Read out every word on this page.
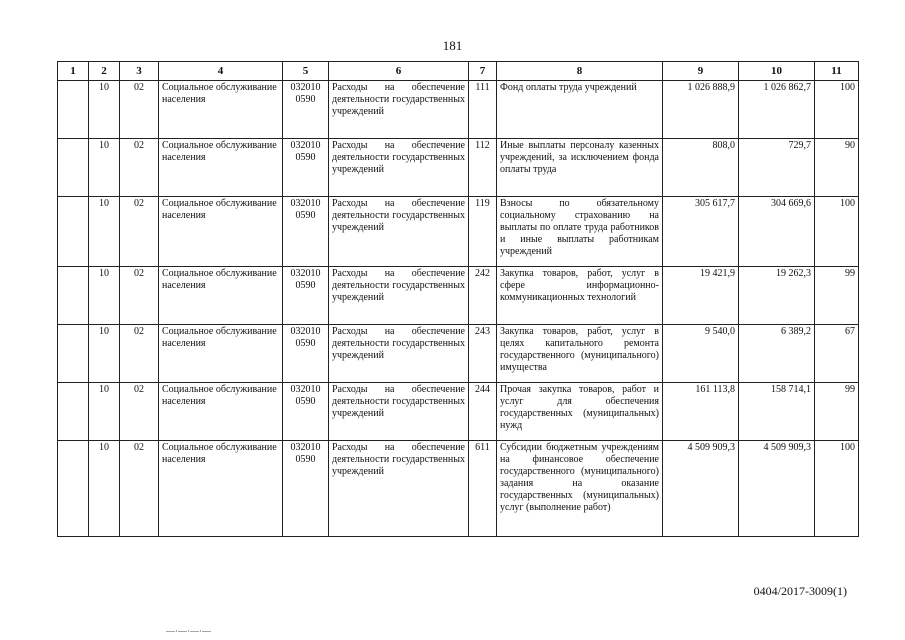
181
1	2	3	4	5	6	7	8	9	10	11
	10	02	Социальное обслуживание населения	032010 0590	Расходы на обеспечение деятельности государственных учреждений	111	Фонд оплаты труда учреждений	1 026 888,9	1 026 862,7	100
	10	02	Социальное обслуживание населения	032010 0590	Расходы на обеспечение деятельности государственных учреждений	112	Иные выплаты персоналу казенных учреждений, за исключением фонда оплаты труда	808,0	729,7	90
	10	02	Социальное обслуживание населения	032010 0590	Расходы на обеспечение деятельности государственных учреждений	119	Взносы по обязательному социальному страхованию на выплаты по оплате труда работников и иные выплаты работникам учреждений	305 617,7	304 669,6	100
	10	02	Социальное обслуживание населения	032010 0590	Расходы на обеспечение деятельности государственных учреждений	242	Закупка товаров, работ, услуг в сфере информационно-коммуникационных технологий	19 421,9	19 262,3	99
	10	02	Социальное обслуживание населения	032010 0590	Расходы на обеспечение деятельности государственных учреждений	243	Закупка товаров, работ, услуг в целях капитального ремонта государственного (муниципального) имущества	9 540,0	6 389,2	67
	10	02	Социальное обслуживание населения	032010 0590	Расходы на обеспечение деятельности государственных учреждений	244	Прочая закупка товаров, работ и услуг для обеспечения государственных (муниципальных) нужд	161 113,8	158 714,1	99
	10	02	Социальное обслуживание населения	032010 0590	Расходы на обеспечение деятельности государственных учреждений	611	Субсидии бюджетным учреждениям на финансовое обеспечение государственного (муниципального) задания на оказание государственных (муниципальных) услуг (выполнение работ)	4 509 909,3	4 509 909,3	100
0404/2017-3009(1)
—·—·—·—
